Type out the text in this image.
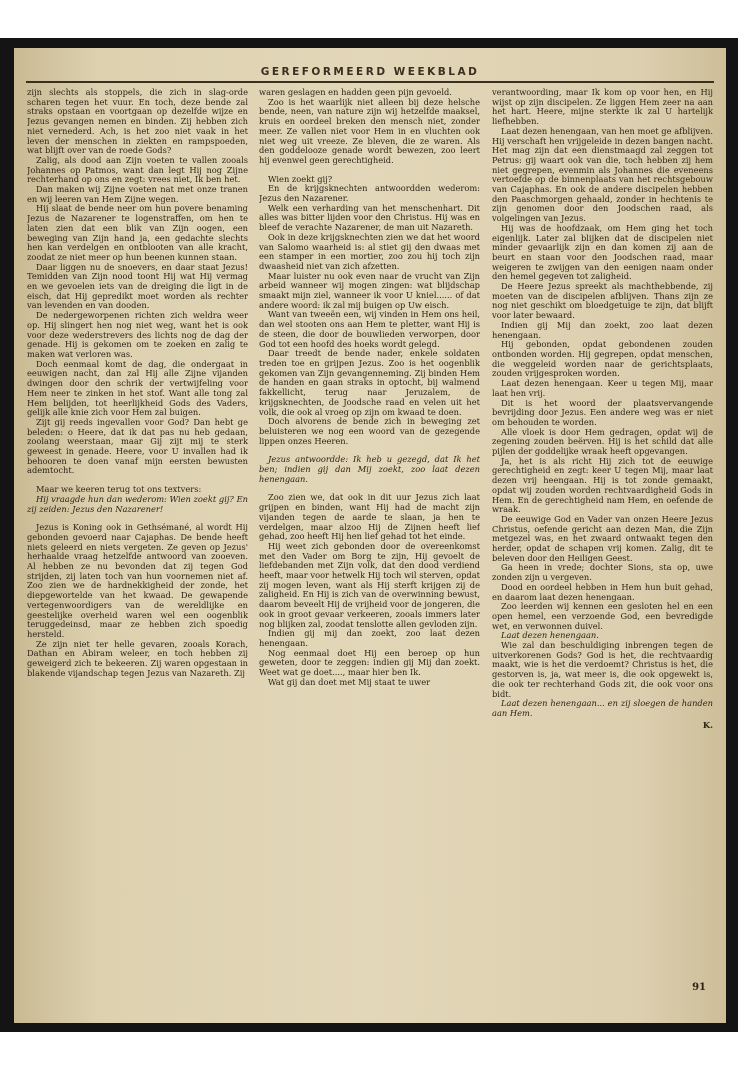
GEREFORMEERD WEEKBLAD

zijn slechts als stoppels, die zich in slag-orde scharen tegen het vuur. En toch, deze bende zal straks opstaan en voortgaan op dezelfde wijze en Jezus gevangen nemen en binden. Zij hebben zich niet vernederd. Ach, is het zoo niet vaak in het leven der menschen in ziekten en rampspoeden, wat blijft over van de roede Gods?

Zalig, als dood aan Zijn voeten te vallen zooals Johannes op Patmos, want dan legt Hij nog Zijne rechterhand op ons en zegt: vrees niet, Ik ben het.

Dan maken wij Zijne voeten nat met onze tranen en wij leeren van Hem Zijne wegen.

Hij slaat de bende neer om hun povere benaming Jezus de Nazarener te logenstraffen, om hen te laten zien dat een blik van Zijn oogen, een beweging van Zijn hand ja, een gedachte slechts hen kan verdelgen en ontblooten van alle kracht, zoodat ze niet meer op hun beenen kunnen staan.

Daar liggen nu de snoevers, en daar staat Jezus! Temidden van Zijn nood toont Hij wat Hij vermag en we gevoelen iets van de dreiging die ligt in de eisch, dat Hij gepredikt moet worden als rechter van levenden en van dooden.

De nedergeworpenen richten zich weldra weer op. Hij slingert hen nog niet weg, want het is ook voor deze wederstrevers des lichts nog de dag der genade. Hij is gekomen om te zoeken en zalig te maken wat verloren was.

Doch eenmaal komt de dag, die ondergaat in eeuwigen nacht, dan zal Hij alle Zijne vijanden dwingen door den schrik der vertwijfeling voor Hem neer te zinken in het stof. Want alle tong zal Hem belijden, tot heerlijkheid Gods des Vaders, gelijk alle knie zich voor Hem zal buigen.

Zijt gij reeds ingevallen voor God? Dan hebt ge beleden: o Heere, dat ik dat pas nu heb gedaan, zoolang weerstaan, maar Gij zijt mij te sterk geweest in genade. Heere, voor U invallen had ik behooren te doen vanaf mijn eersten bewusten ademtocht.

Maar we keeren terug tot ons textvers:

Hij vraagde hun dan wederom: Wien zoekt gij? En zij zeiden: Jezus den Nazarener!

Jezus is Koning ook in Gethsémané, al wordt Hij gebonden gevoerd naar Cajaphas. De bende heeft niets geleerd en niets vergeten. Ze geven op Jezus' herhaalde vraag hetzelfde antwoord van zooeven. Al hebben ze nu bevonden dat zij tegen God strijden, zij laten toch van hun voornemen niet af. Zoo zien we de hardnekkigheid der zonde, het diepgewortelde van het kwaad. De gewapende vertegenwoordigers van de wereldlijke en geestelijke overheid waren wel een oogenblik teruggedeinsd, maar ze hebben zich spoedig hersteld.

Ze zijn niet ter helle gevaren, zooals Korach, Dathan en Abiram weleer, en toch hebben zij geweigerd zich te bekeeren. Zij waren opgestaan in blakende vijandschap tegen Jezus van Nazareth. Zij

waren geslagen en hadden geen pijn gevoeld.

Zoo is het waarlijk niet alleen bij deze helsche bende, neen, van nature zijn wij hetzelfde maaksel, kruis en oordeel breken den mensch niet, zonder meer. Ze vallen niet voor Hem in en vluchten ook niet weg uit vreeze. Ze bleven, die ze waren. Als den goddelooze genade wordt bewezen, zoo leert hij evenwel geen gerechtigheid.

Wien zoekt gij?

En de krijgsknechten antwoordden wederom: Jezus den Nazarener.

Welk een verharding van het menschenhart. Dit alles was bitter lijden voor den Christus. Hij was en bleef de verachte Nazarener, de man uit Nazareth.

Ook in deze krijgsknechten zien we dat het woord van Salomo waarheid is: al stiet gij den dwaas met een stamper in een mortier, zoo zou hij toch zijn dwaasheid niet van zich afzetten.

Maar luister nu ook even naar de vrucht van Zijn arbeid wanneer wij mogen zingen: wat blijdschap smaakt mijn ziel, wanneer ik voor U kniel...... of dat andere woord: ik zal mij buigen op Uw eisch.

Want van tweeën een, wij vinden in Hem ons heil, dan wel stooten ons aan Hem te pletter, want Hij is de steen, die door de bouwlieden verworpen, door God tot een hoofd des hoeks wordt gelegd.

Daar treedt de bende nader, enkele soldaten treden toe en grijpen Jezus. Zoo is het oogenblik gekomen van Zijn gevangenneming. Zij binden Hem de handen en gaan straks in optocht, bij walmend fakkellicht, terug naar Jeruzalem, de krijgsknechten, de Joodsche raad en velen uit het volk, die ook al vroeg op zijn om kwaad te doen.

Doch alvorens de bende zich in beweging zet beluisteren we nog een woord van de gezegende lippen onzes Heeren.

Jezus antwoordde: Ik heb u gezegd, dat Ik het ben; indien gij dan Mij zoekt, zoo laat dezen henengaan.

Zoo zien we, dat ook in dit uur Jezus zich laat grijpen en binden, want Hij had de macht zijn vijanden tegen de aarde te slaan, ja hen te verdelgen, maar alzoo Hij de Zijnen heeft lief gehad, zoo heeft Hij hen lief gehad tot het einde.

Hij weet zich gebonden door de overeenkomst met den Vader om Borg te zijn, Hij gevoelt de liefdebanden met Zijn volk, dat den dood verdiend heeft, maar voor hetwelk Hij toch wil sterven, opdat zij mogen leven, want als Hij sterft krijgen zij de zaligheid. En Hij is zich van de overwinning bewust, daarom beveelt Hij de vrijheid voor de jongeren, die ook in groot gevaar verkeeren, zooals immers later nog blijken zal, zoodat tenslotte allen gevloden zijn.

Indien gij mij dan zoekt, zoo laat dezen henengaan.

Nog eenmaal doet Hij een beroep op hun geweten, door te zeggen: indien gij Mij dan zoekt. Weet wat ge doet...., maar hier ben Ik.

Wat gij dan doet met Mij staat te uwer

verantwoording, maar Ik kom op voor hen, en Hij wijst op zijn discipelen. Ze liggen Hem zeer na aan het hart. Heere, mijne sterkte ik zal U hartelijk liefhebben.

Laat dezen henengaan, van hen moet ge afblijven. Hij verschaft hen vrijgeleide in dezen bangen nacht. Het mag zijn dat een dienstmaagd zal zeggen tot Petrus: gij waart ook van die, toch hebben zij hem niet gegrepen, evenmin als Johannes die eveneens vertoefde op de binnenplaats van het rechtsgebouw van Cajaphas. En ook de andere discipelen hebben den Paaschmorgen gehaald, zonder in hechtenis te zijn genomen door den Joodschen raad, als volgelingen van Jezus.

Hij was de hoofdzaak, om Hem ging het toch eigenlijk. Later zal blijken dat de discipelen niet minder gevaarlijk zijn en dan komen zij aan de beurt en staan voor den Joodschen raad, maar weigeren te zwijgen van den eenigen naam onder den hemel gegeven tot zaligheid.

De Heere Jezus spreekt als machthebbende, zij moeten van de discipelen afblijven. Thans zijn ze nog niet geschikt om bloedgetuige te zijn, dat blijft voor later bewaard.

Indien gij Mij dan zoekt, zoo laat dezen henengaan.

Hij gebonden, opdat gebondenen zouden ontbonden worden. Hij gegrepen, opdat menschen, die weggeleid worden naar de gerichtsplaats, zouden vrijgesproken worden.

Laat dezen henengaan. Keer u tegen Mij, maar laat hen vrij.

Dit is het woord der plaatsvervangende bevrijding door Jezus. Een andere weg was er niet om behouden te worden.

Alle vloek is door Hem gedragen, opdat wij de zegening zouden beërven. Hij is het schild dat alle pijlen der goddelijke wraak heeft opgevangen.

Ja, het is als richt Hij zich tot de eeuwige gerechtigheid en zegt: keer U tegen Mij, maar laat dezen vrij heengaan. Hij is tot zonde gemaakt, opdat wij zouden worden rechtvaardigheid Gods in Hem. En de gerechtigheid nam Hem, en oefende de wraak.

De eeuwige God en Vader van onzen Heere Jezus Christus, oefende gericht aan dezen Man, die Zijn metgezel was, en het zwaard ontwaakt tegen den herder, opdat de schapen vrij komen. Zalig, dit te beleven door den Heiligen Geest.

Ga heen in vrede; dochter Sions, sta op, uwe zonden zijn u vergeven.

Dood en oordeel hebben in Hem hun buit gehad, en daarom laat dezen henengaan.

Zoo leerden wij kennen een gesloten hel en een open hemel, een verzoende God, een bevredigde wet, en verwonnen duivel.

Laat dezen henengaan.

Wie zal dan beschuldiging inbrengen tegen de uitverkorenen Gods? God is het, die rechtvaardig maakt, wie is het die verdoemt? Christus is het, die gestorven is, ja, wat meer is, die ook opgewekt is, die ook ter rechterhand Gods zit, die ook voor ons bidt.

Laat dezen henengaan... en zij sloegen de handen aan Hem.

K.
91
